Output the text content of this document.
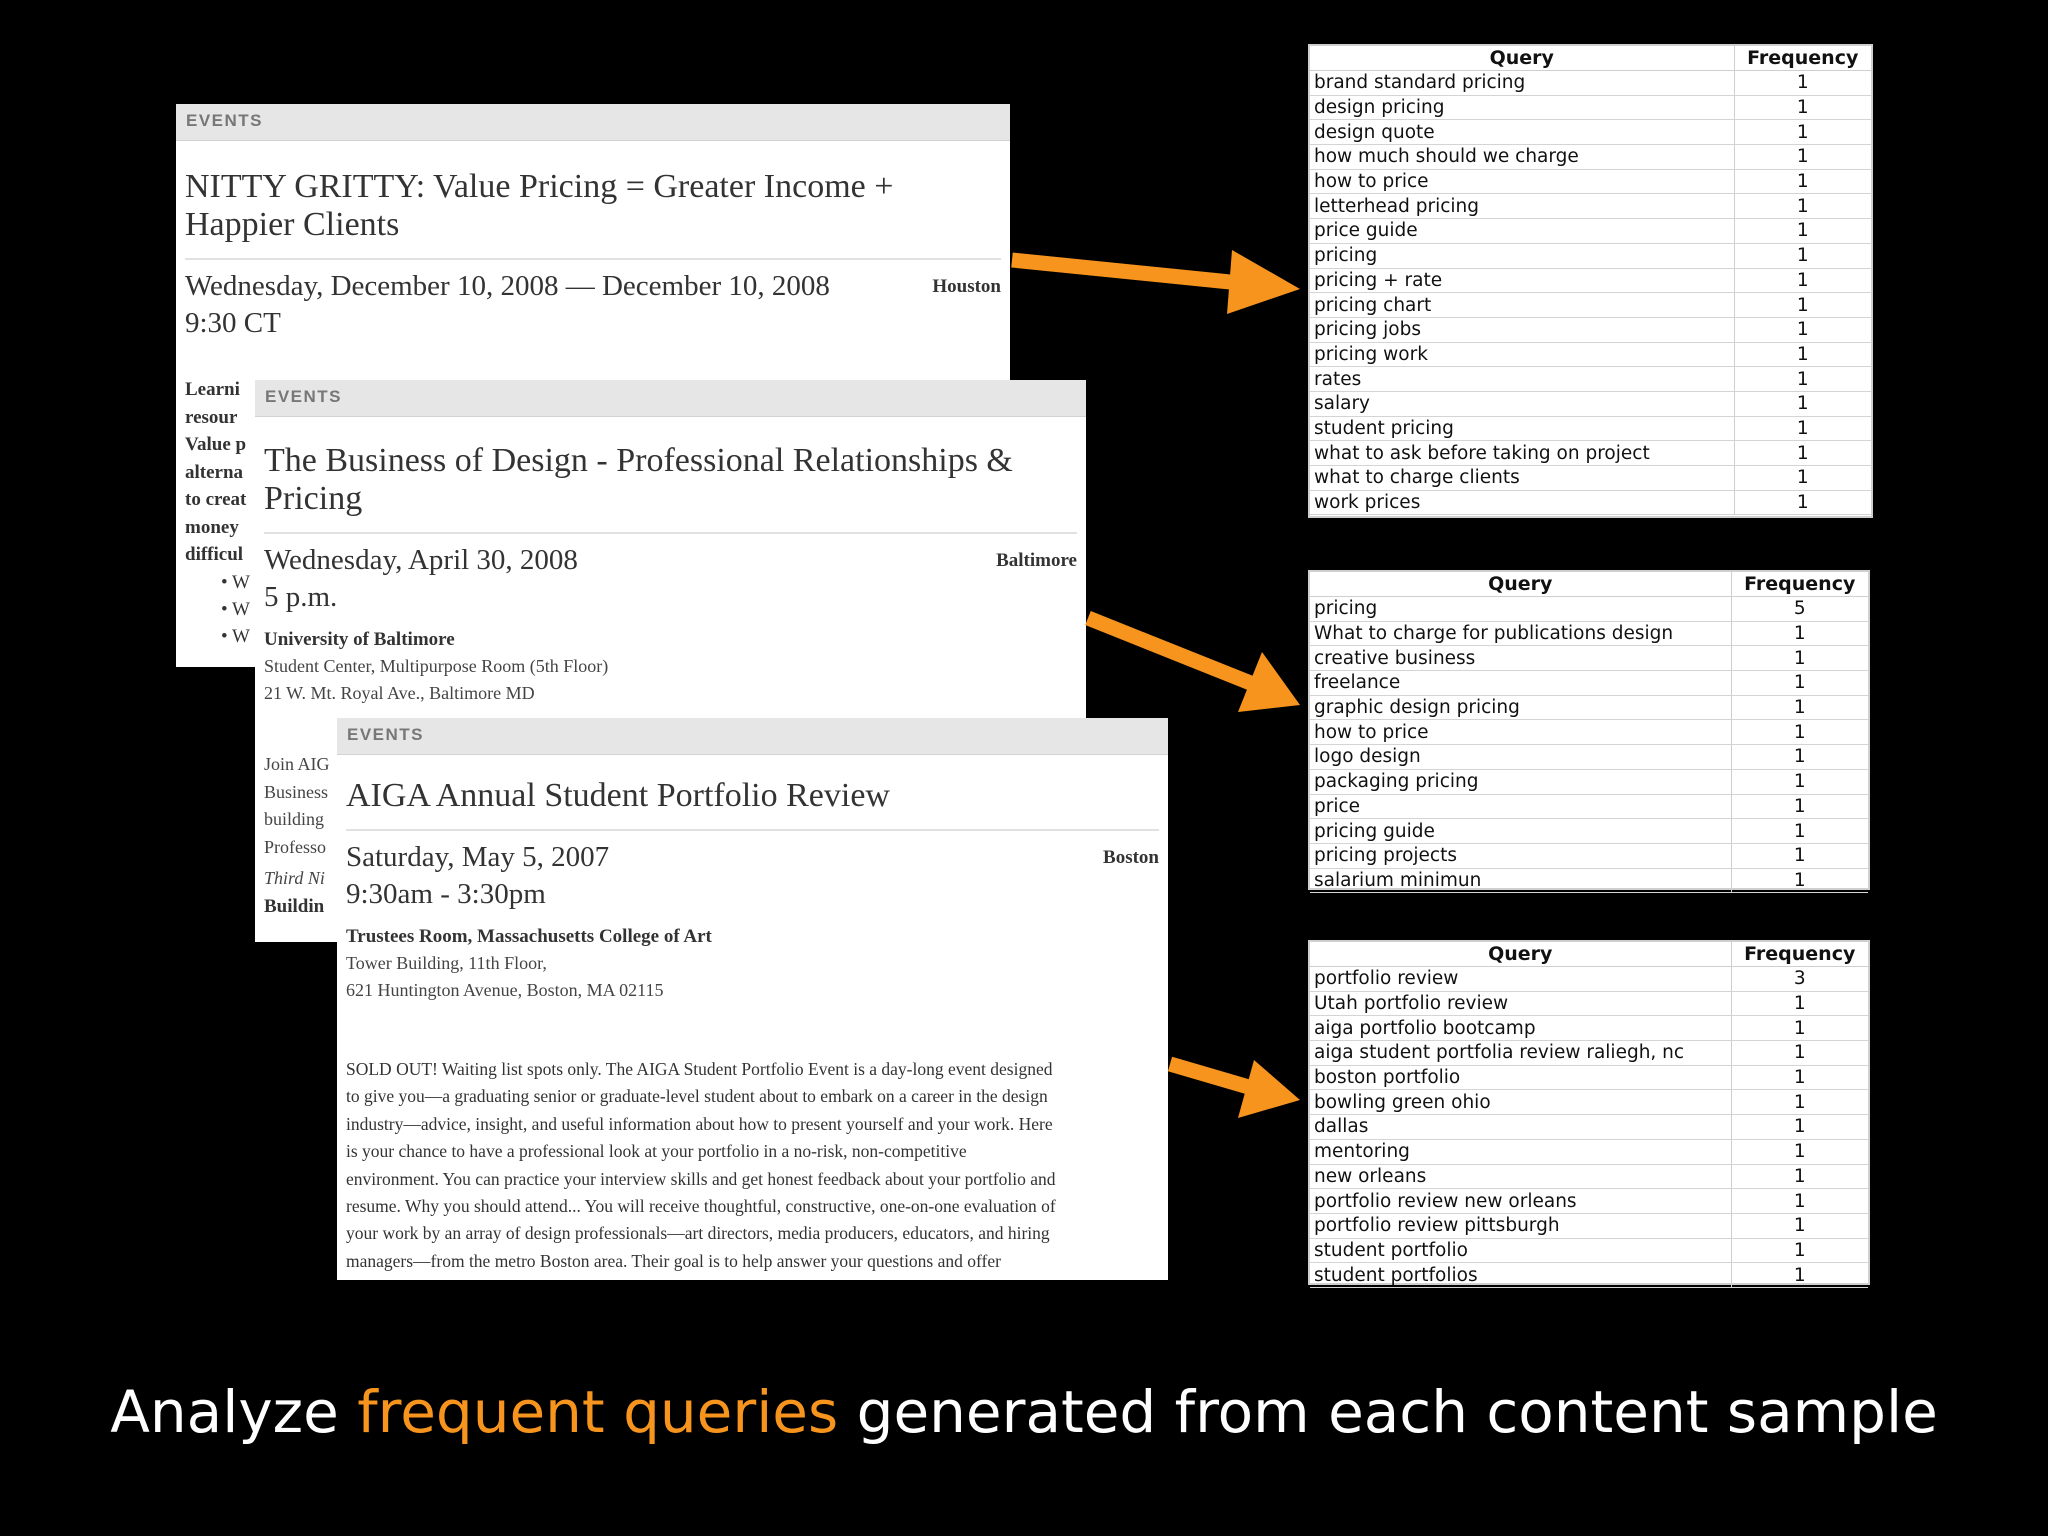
EVENTS
NITTY GRITTY: Value Pricing = Greater Income +
Happier Clients
Wednesday, December 10, 2008 — December 10, 2008
9:30 CT
Houston
Learni
resour
Value p
alterna
to creat
money
difficul
• W
• W
• W
EVENTS
The Business of Design - Professional Relationships &
Pricing
Wednesday, April 30, 2008
5 p.m.
Baltimore
University of Baltimore
Student Center, Multipurpose Room (5th Floor)
21 W. Mt. Royal Ave., Baltimore MD
Join AIG
Business
building
Professo
Third Ni
Buildin
EVENTS
AIGA Annual Student Portfolio Review
Saturday, May 5, 2007
9:30am - 3:30pm
Boston
Trustees Room, Massachusetts College of Art
Tower Building, 11th Floor,
621 Huntington Avenue, Boston, MA 02115
SOLD OUT! Waiting list spots only. The AIGA Student Portfolio Event is a day-long event designed
to give you—a graduating senior or graduate-level student about to embark on a career in the design
industry—advice, insight, and useful information about how to present yourself and your work. Here
is your chance to have a professional look at your portfolio in a no-risk, non-competitive
environment. You can practice your interview skills and get honest feedback about your portfolio and
resume. Why you should attend... You will receive thoughtful, constructive, one-on-one evaluation of
your work by an array of design professionals—art directors, media producers, educators, and hiring
managers—from the metro Boston area. Their goal is to help answer your questions and offer
Query	Frequency
brand standard pricing	1
design pricing	1
design quote	1
how much should we charge	1
how to price	1
letterhead pricing	1
price guide	1
pricing	1
pricing + rate	1
pricing chart	1
pricing jobs	1
pricing work	1
rates	1
salary	1
student pricing	1
what to ask before taking on project	1
what to charge clients	1
work prices	1
Query	Frequency
pricing	5
What to charge for publications design	1
creative business	1
freelance	1
graphic design pricing	1
how to price	1
logo design	1
packaging pricing	1
price	1
pricing guide	1
pricing projects	1
salarium minimun	1
Query	Frequency
portfolio review	3
Utah portfolio review	1
aiga portfolio bootcamp	1
aiga student portfolia review raliegh, nc	1
boston portfolio	1
bowling green ohio	1
dallas	1
mentoring	1
new orleans	1
portfolio review new orleans	1
portfolio review pittsburgh	1
student portfolio	1
student portfolios	1
Analyze frequent queries generated from each content sample
